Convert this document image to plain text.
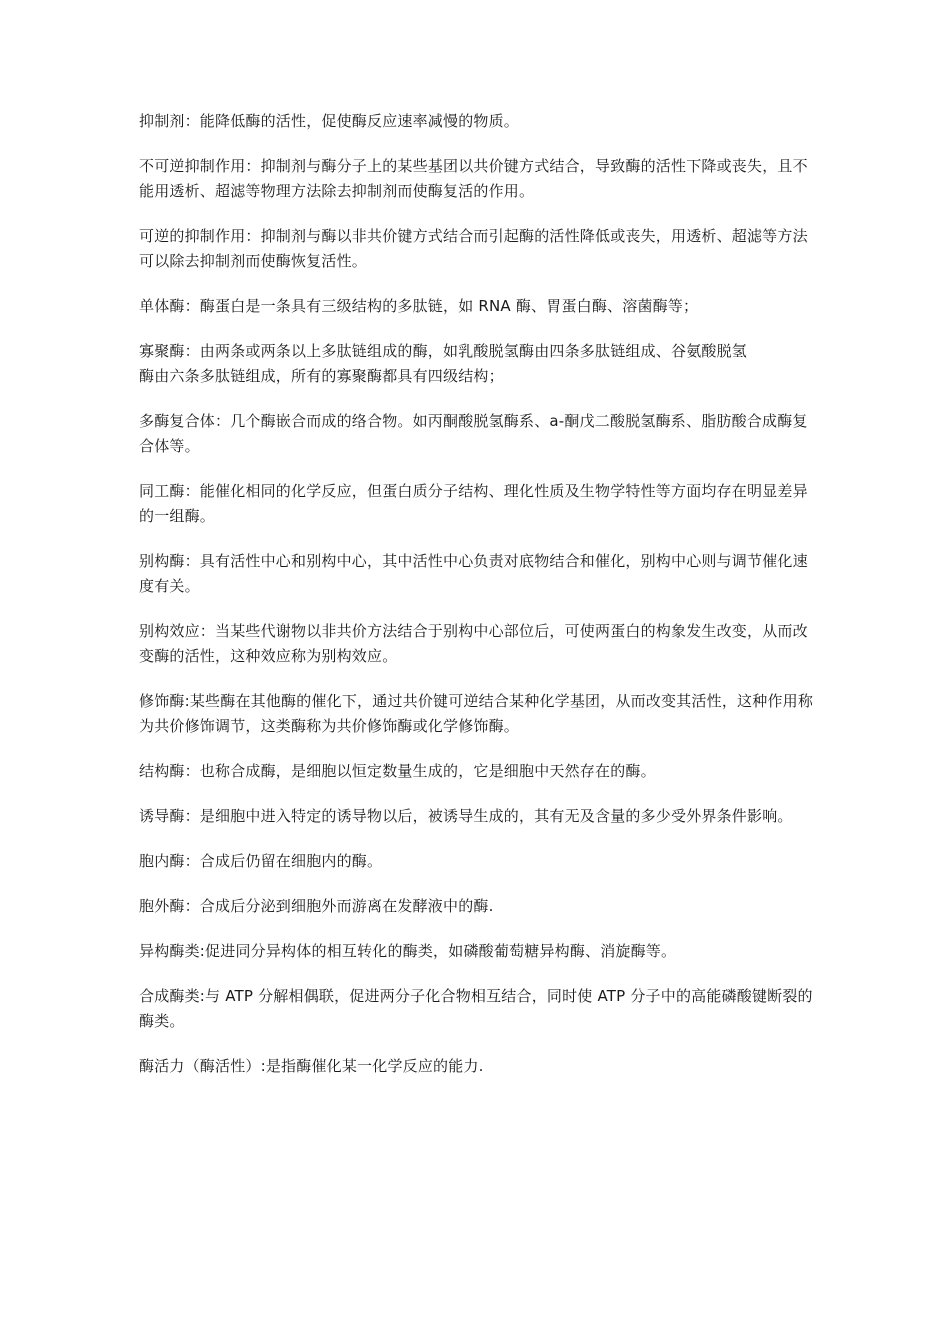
抑制剂：能降低酶的活性，促使酶反应速率减慢的物质。

不可逆抑制作用：抑制剂与酶分子上的某些基团以共价键方式结合，导致酶的活性下降或丧失，且不能用透析、超滤等物理方法除去抑制剂而使酶复活的作用。

可逆的抑制作用：抑制剂与酶以非共价键方式结合而引起酶的活性降低或丧失，用透析、超滤等方法可以除去抑制剂而使酶恢复活性。

单体酶：酶蛋白是一条具有三级结构的多肽链，如 RNA 酶、胃蛋白酶、溶菌酶等；

寡聚酶：由两条或两条以上多肽链组成的酶，如乳酸脱氢酶由四条多肽链组成、谷氨酸脱氢
酶由六条多肽链组成，所有的寡聚酶都具有四级结构；

多酶复合体：几个酶嵌合而成的络合物。如丙酮酸脱氢酶系、a-酮戊二酸脱氢酶系、脂肪酸合成酶复合体等。

同工酶：能催化相同的化学反应，但蛋白质分子结构、理化性质及生物学特性等方面均存在明显差异的一组酶。

别构酶：具有活性中心和别构中心，其中活性中心负责对底物结合和催化，别构中心则与调节催化速度有关。

别构效应：当某些代谢物以非共价方法结合于别构中心部位后，可使两蛋白的构象发生改变，从而改变酶的活性，这种效应称为别构效应。

修饰酶:某些酶在其他酶的催化下，通过共价键可逆结合某种化学基团，从而改变其活性，这种作用称为共价修饰调节，这类酶称为共价修饰酶或化学修饰酶。

结构酶：也称合成酶，是细胞以恒定数量生成的，它是细胞中天然存在的酶。

诱导酶：是细胞中进入特定的诱导物以后，被诱导生成的，其有无及含量的多少受外界条件影响。

胞内酶：合成后仍留在细胞内的酶。

胞外酶：合成后分泌到细胞外而游离在发酵液中的酶.

异构酶类:促进同分异构体的相互转化的酶类，如磷酸葡萄糖异构酶、消旋酶等。

合成酶类:与 ATP 分解相偶联，促进两分子化合物相互结合，同时使 ATP 分子中的高能磷酸键断裂的酶类。

酶活力（酶活性）:是指酶催化某一化学反应的能力.
